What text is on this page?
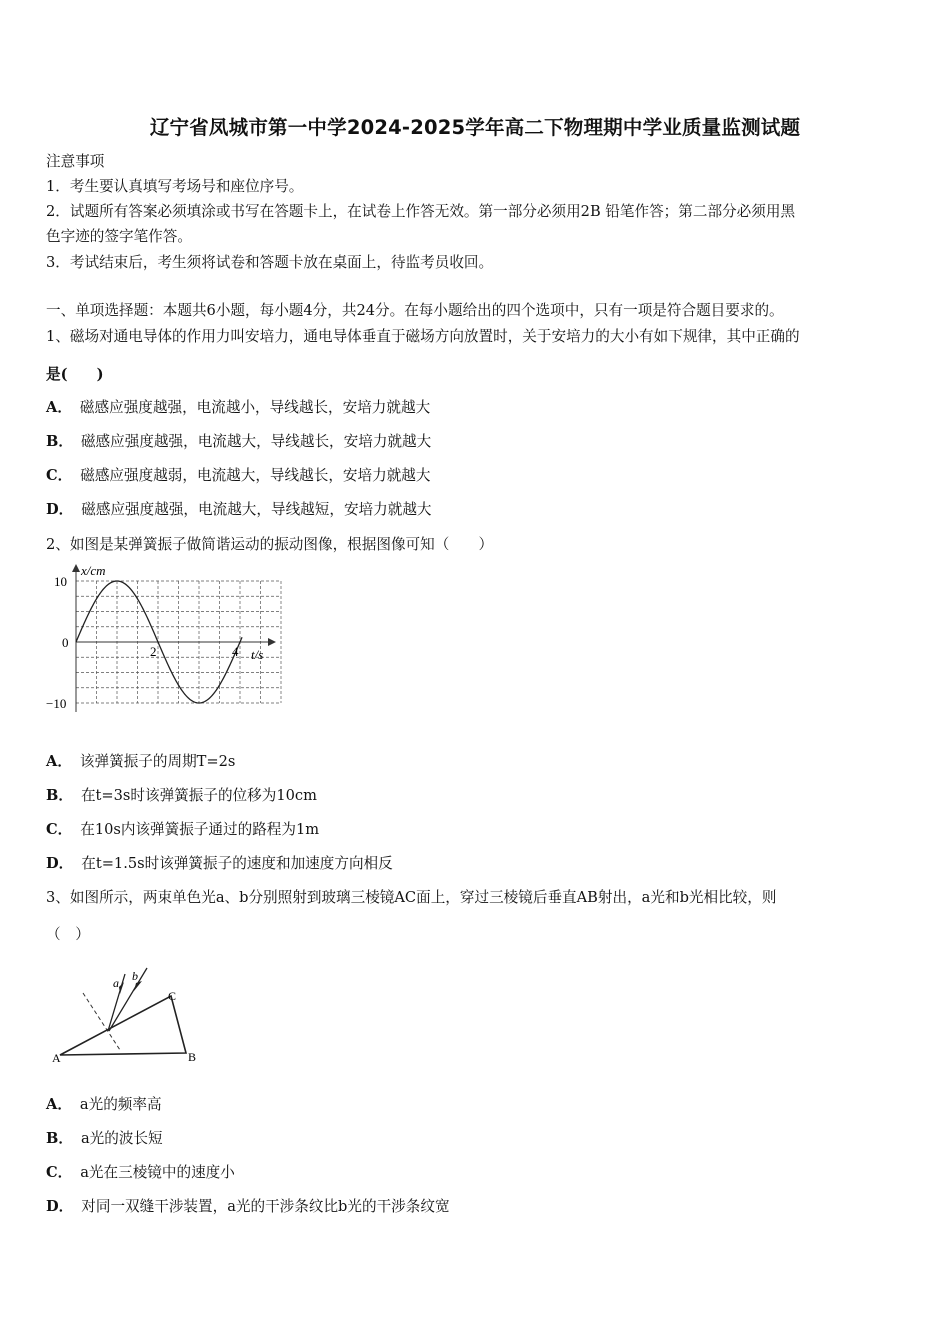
辽宁省凤城市第一中学2024-2025学年高二下物理期中学业质量监测试题
注意事项
1．考生要认真填写考场号和座位序号。
2．试题所有答案必须填涂或书写在答题卡上，在试卷上作答无效。第一部分必须用2B 铅笔作答；第二部分必须用黑
色字迹的签字笔作答。
3．考试结束后，考生须将试卷和答题卡放在桌面上，待监考员收回。
一、单项选择题：本题共6小题，每小题4分，共24分。在每小题给出的四个选项中，只有一项是符合题目要求的。
1、磁场对通电导体的作用力叫安培力，通电导体垂直于磁场方向放置时，关于安培力的大小有如下规律，其中正确的
是(　　)
A． 磁感应强度越强，电流越小，导线越长，安培力就越大
B． 磁感应强度越强，电流越大，导线越长，安培力就越大
C． 磁感应强度越弱，电流越大，导线越长，安培力就越大
D． 磁感应强度越强，电流越大，导线越短，安培力就越大
2、如图是某弹簧振子做简谐运动的振动图像，根据图像可知（　　）
x/cm
t/s
10
0
−10
2	4
A． 该弹簧振子的周期T=2s
B． 在t=3s时该弹簧振子的位移为10cm
C． 在10s内该弹簧振子通过的路程为1m
D． 在t=1.5s时该弹簧振子的速度和加速度方向相反
3、如图所示，两束单色光a、b分别照射到玻璃三棱镜AC面上，穿过三棱镜后垂直AB射出，a光和b光相比较，则
（　）
a b
A	B
C
A． a光的频率高
B． a光的波长短
C． a光在三棱镜中的速度小
D． 对同一双缝干涉装置，a光的干涉条纹比b光的干涉条纹宽
